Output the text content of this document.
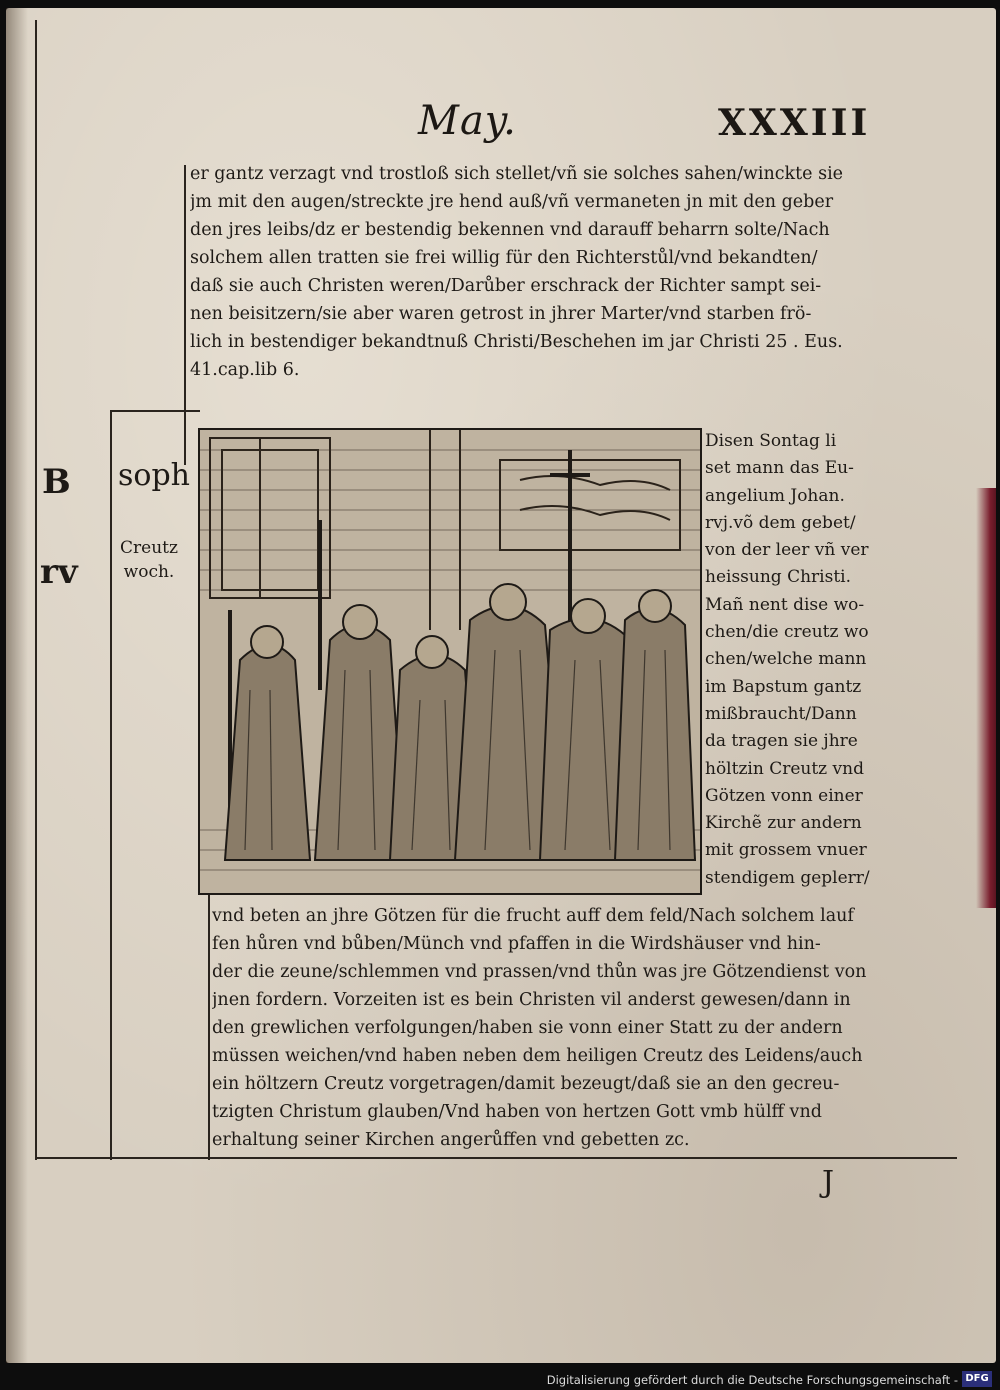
May.	XXXIII
er gantz verzagt vnd trostloß sich stellet/vñ sie solches sahen/winckte sie
jm mit den augen/streckte jre hend auß/vñ vermaneten jn mit den geber
den jres leibs/dz er bestendig bekennen vnd darauff beharrn solte/Nach
solchem allen tratten sie frei willig für den Richterstůl/vnd bekandten/
daß sie auch Christen weren/Darůber erschrack der Richter sampt sei-
nen beisitzern/sie aber waren getrost in jhrer Marter/vnd starben frö-
lich in bestendiger bekandtnuß Christi/Beschehen im jar Christi 25 . Eus.
41.cap.lib 6.
B
rv
soph
Creutz
woch.
Disen Sontag li
set mann das Eu-
angelium Johan.
rvj.võ dem gebet/
von der leer vñ ver
heissung Christi.
Mañ nent dise wo-
chen/die creutz wo
chen/welche mann
im Bapstum gantz
mißbraucht/Dann
da tragen sie jhre
höltzin Creutz vnd
Götzen vonn einer
Kirchẽ zur andern
mit grossem vnuer
stendigem geplerr/
vnd beten an jhre Götzen für die frucht auff dem feld/Nach solchem lauf
fen hůren vnd bůben/Münch vnd pfaffen in die Wirdshäuser vnd hin-
der die zeune/schlemmen vnd prassen/vnd thůn was jre Götzendienst von
jnen fordern. Vorzeiten ist es bein Christen vil anderst gewesen/dann in
den grewlichen verfolgungen/haben sie vonn einer Statt zu der andern
müssen weichen/vnd haben neben dem heiligen Creutz des Leidens/auch
ein höltzern Creutz vorgetragen/damit bezeugt/daß sie an den gecreu-
tzigten Christum glauben/Vnd haben von hertzen Gott vmb hülff vnd
erhaltung seiner Kirchen angerůffen vnd gebetten zc.
J
Digitalisierung gefördert durch die Deutsche Forschungsgemeinschaft - DFG
